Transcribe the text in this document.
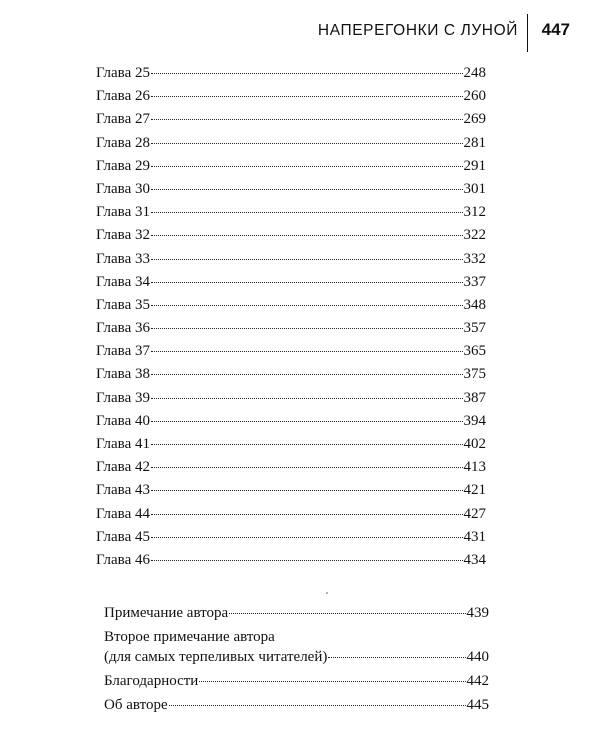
НАПЕРЕГОНКИ С ЛУНОЙ 447
Глава 25	248
Глава 26	260
Глава 27	269
Глава 28	281
Глава 29	291
Глава 30	301
Глава 31	312
Глава 32	322
Глава 33	332
Глава 34	337
Глава 35	348
Глава 36	357
Глава 37	365
Глава 38	375
Глава 39	387
Глава 40	394
Глава 41	402
Глава 42	413
Глава 43	421
Глава 44	427
Глава 45	431
Глава 46	434
Примечание автора	439
Второе примечание автора
(для самых терпеливых читателей)	440
Благодарности	442
Об авторе	445
